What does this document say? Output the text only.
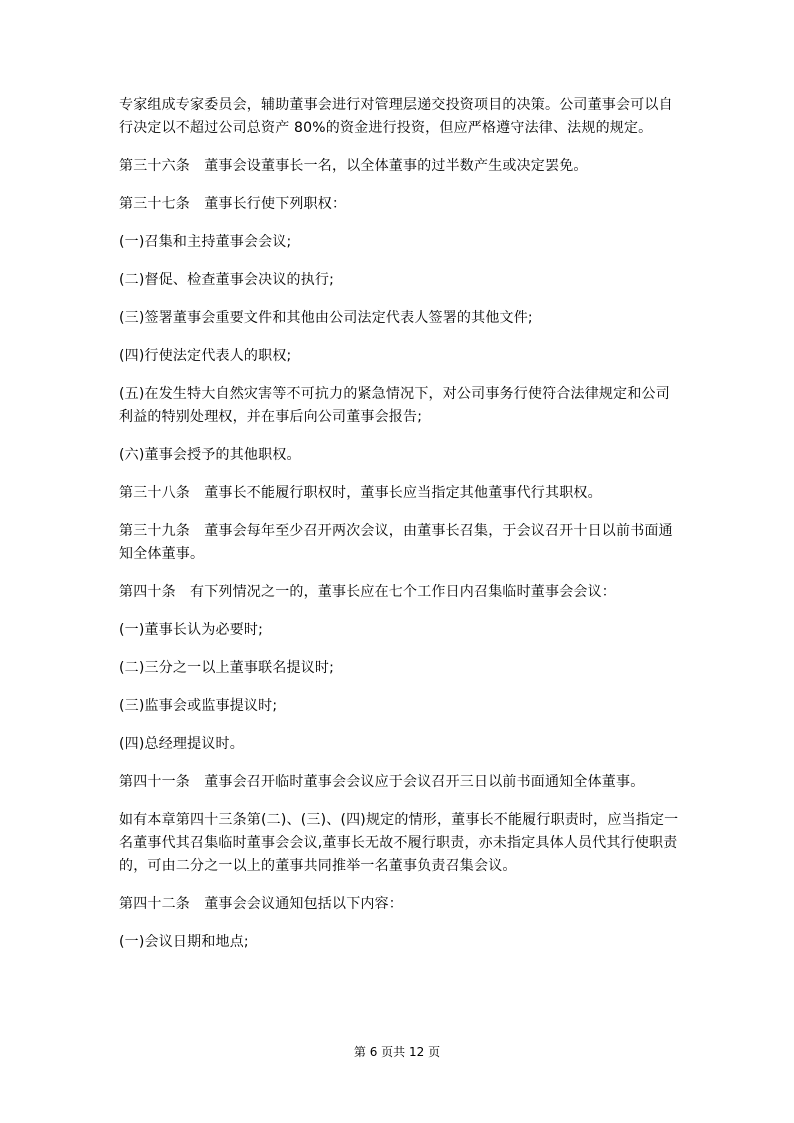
专家组成专家委员会，辅助董事会进行对管理层递交投资项目的决策。公司董事会可以自行决定以不超过公司总资产 80%的资金进行投资，但应严格遵守法律、法规的规定。

第三十六条　董事会设董事长一名，以全体董事的过半数产生或决定罢免。

第三十七条　董事长行使下列职权：

(一)召集和主持董事会会议;

(二)督促、检查董事会决议的执行;

(三)签署董事会重要文件和其他由公司法定代表人签署的其他文件;

(四)行使法定代表人的职权;

(五)在发生特大自然灾害等不可抗力的紧急情况下，对公司事务行使符合法律规定和公司利益的特别处理权，并在事后向公司董事会报告;

(六)董事会授予的其他职权。

第三十八条　董事长不能履行职权时，董事长应当指定其他董事代行其职权。

第三十九条　董事会每年至少召开两次会议，由董事长召集，于会议召开十日以前书面通知全体董事。

第四十条　有下列情况之一的，董事长应在七个工作日内召集临时董事会会议：

(一)董事长认为必要时;

(二)三分之一以上董事联名提议时;

(三)监事会或监事提议时;

(四)总经理提议时。

第四十一条　董事会召开临时董事会会议应于会议召开三日以前书面通知全体董事。

如有本章第四十三条第(二)、(三)、(四)规定的情形，董事长不能履行职责时，应当指定一名董事代其召集临时董事会会议,董事长无故不履行职责，亦未指定具体人员代其行使职责的，可由二分之一以上的董事共同推举一名董事负责召集会议。

第四十二条　董事会会议通知包括以下内容：

(一)会议日期和地点;

第 6 页共 12 页
